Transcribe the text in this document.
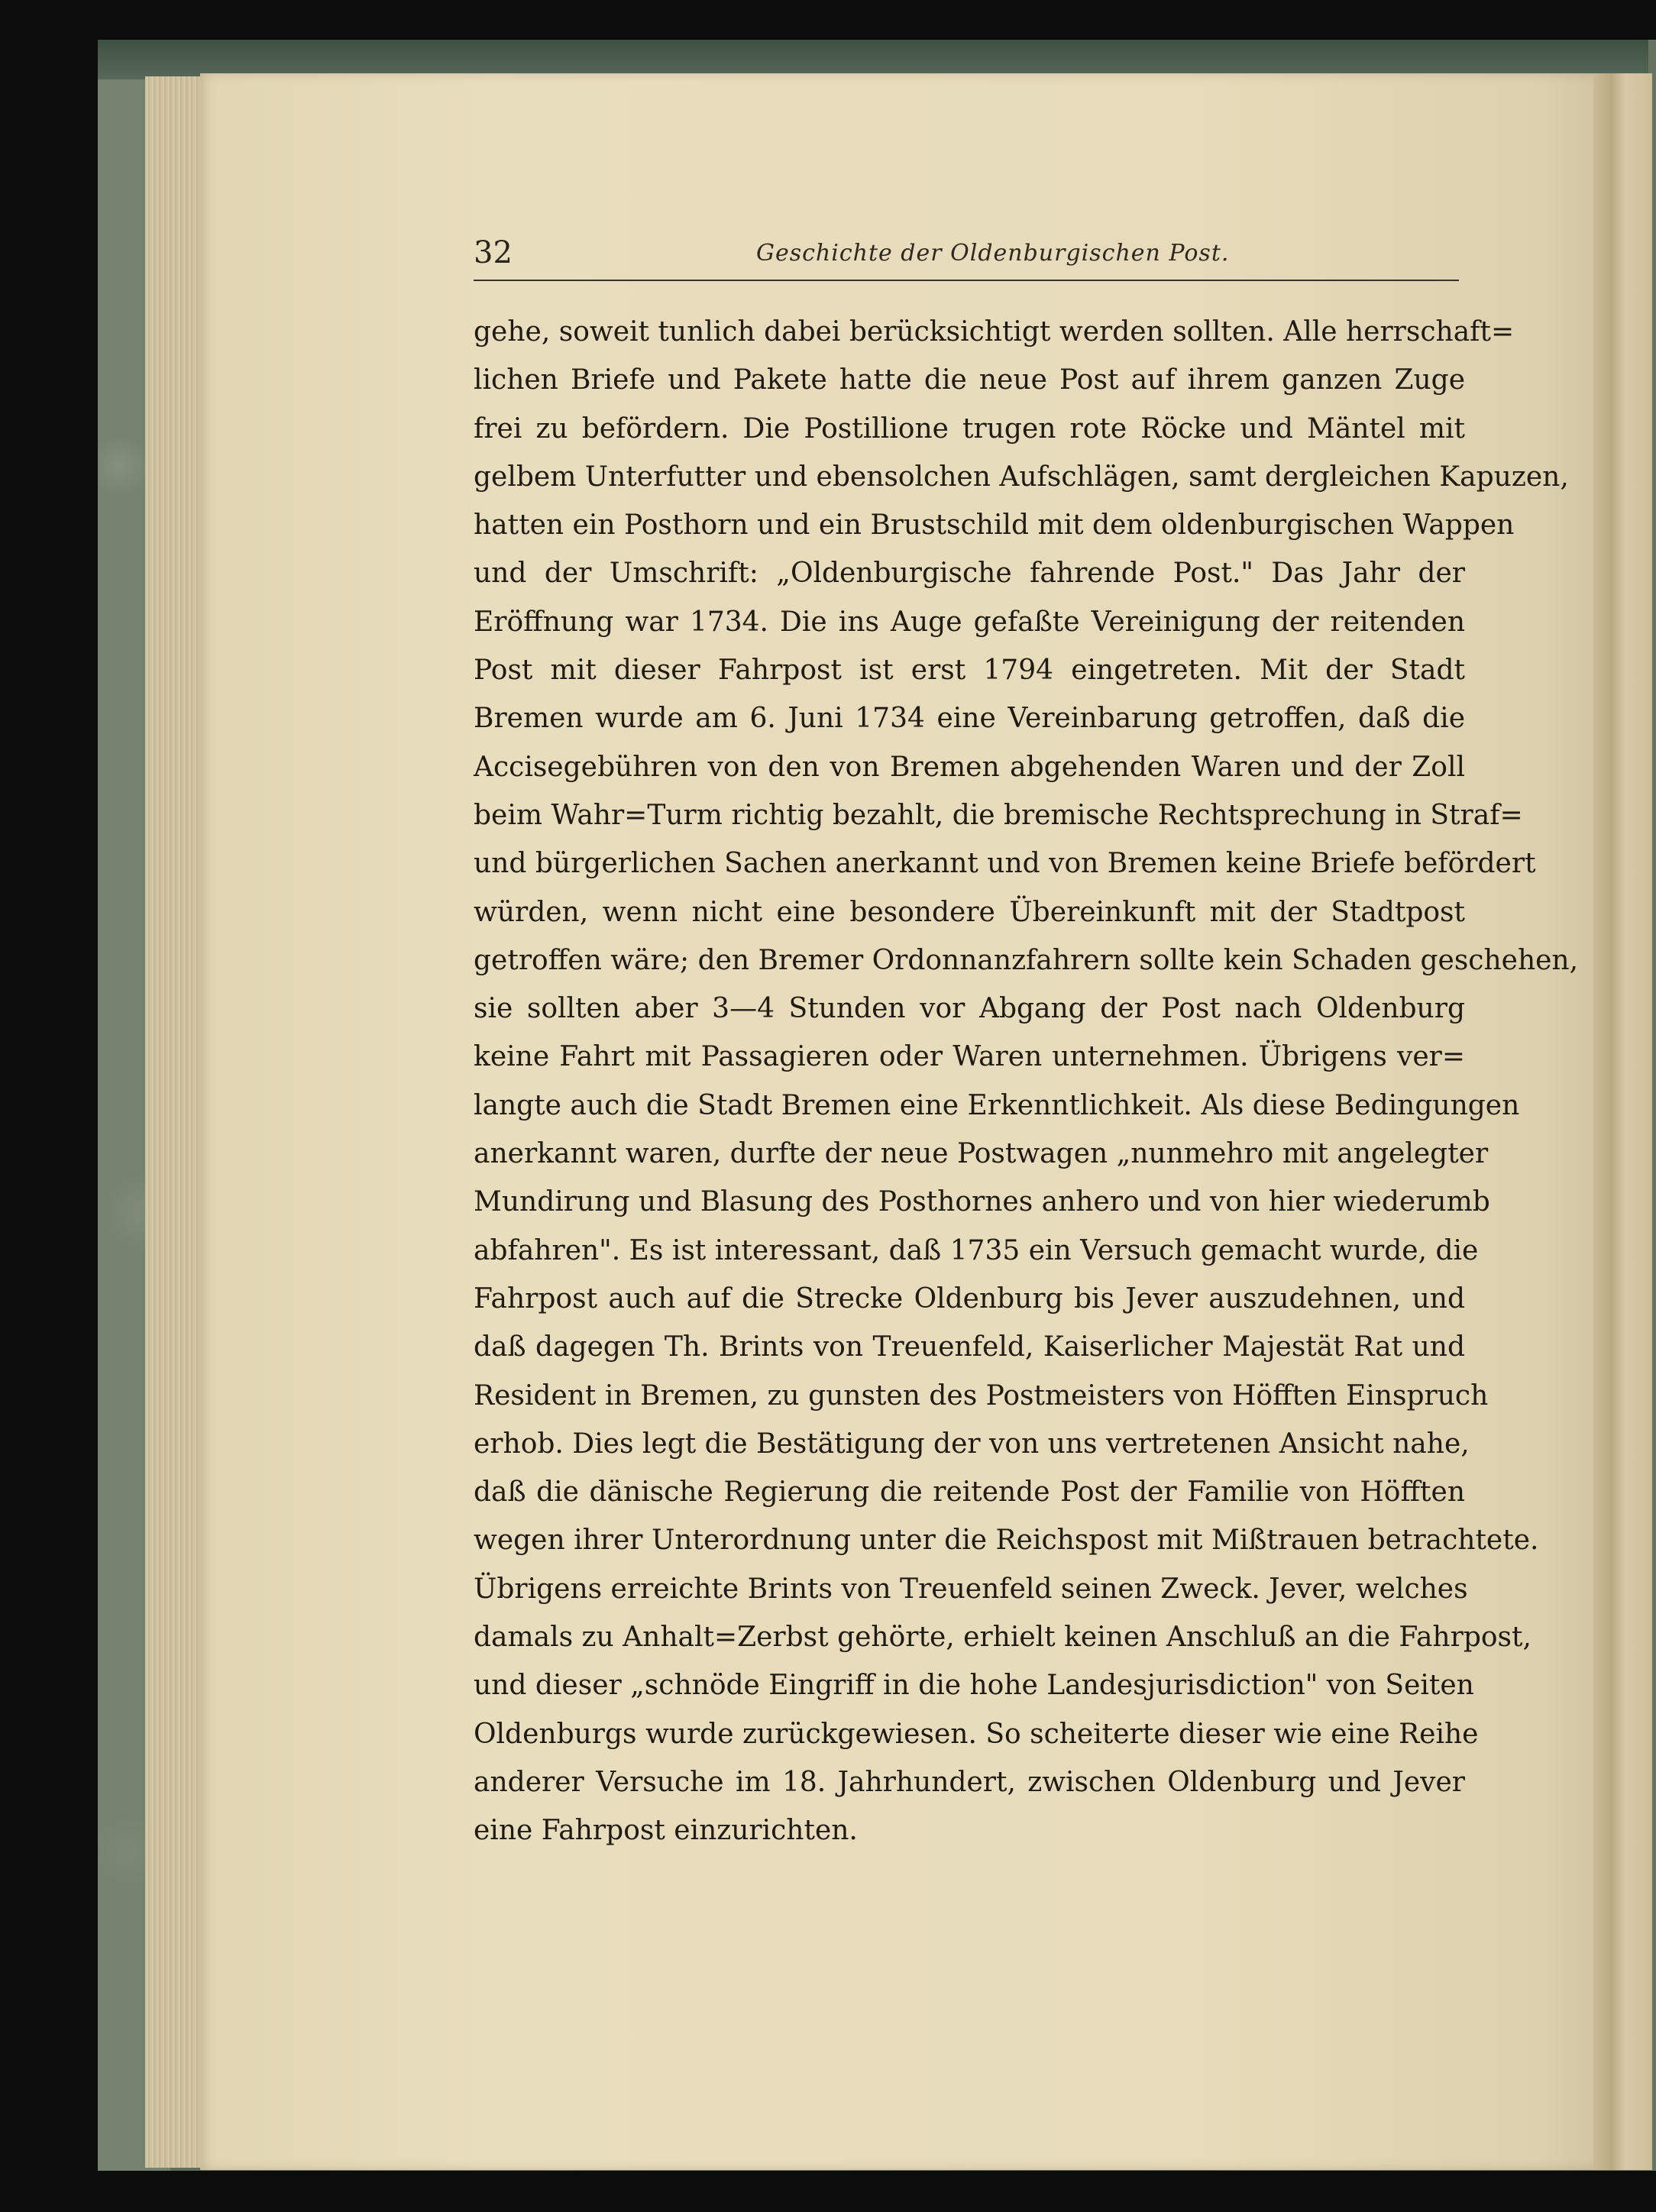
32	Geschichte der Oldenburgischen Post.
gehe, soweit tunlich dabei berücksichtigt werden sollten. Alle herrschaft=
lichen Briefe und Pakete hatte die neue Post auf ihrem ganzen Zuge
frei zu befördern. Die Postillione trugen rote Röcke und Mäntel mit
gelbem Unterfutter und ebensolchen Aufschlägen, samt dergleichen Kapuzen,
hatten ein Posthorn und ein Brustschild mit dem oldenburgischen Wappen
und der Umschrift: „Oldenburgische fahrende Post." Das Jahr der
Eröffnung war 1734. Die ins Auge gefaßte Vereinigung der reitenden
Post mit dieser Fahrpost ist erst 1794 eingetreten. Mit der Stadt
Bremen wurde am 6. Juni 1734 eine Vereinbarung getroffen, daß die
Accisegebühren von den von Bremen abgehenden Waren und der Zoll
beim Wahr=Turm richtig bezahlt, die bremische Rechtsprechung in Straf=
und bürgerlichen Sachen anerkannt und von Bremen keine Briefe befördert
würden, wenn nicht eine besondere Übereinkunft mit der Stadtpost
getroffen wäre; den Bremer Ordonnanzfahrern sollte kein Schaden geschehen,
sie sollten aber 3—4 Stunden vor Abgang der Post nach Oldenburg
keine Fahrt mit Passagieren oder Waren unternehmen. Übrigens ver=
langte auch die Stadt Bremen eine Erkenntlichkeit. Als diese Bedingungen
anerkannt waren, durfte der neue Postwagen „nunmehro mit angelegter
Mundirung und Blasung des Posthornes anhero und von hier wiederumb
abfahren". Es ist interessant, daß 1735 ein Versuch gemacht wurde, die
Fahrpost auch auf die Strecke Oldenburg bis Jever auszudehnen, und
daß dagegen Th. Brints von Treuenfeld, Kaiserlicher Majestät Rat und
Resident in Bremen, zu gunsten des Postmeisters von Höfften Einspruch
erhob. Dies legt die Bestätigung der von uns vertretenen Ansicht nahe,
daß die dänische Regierung die reitende Post der Familie von Höfften
wegen ihrer Unterordnung unter die Reichspost mit Mißtrauen betrachtete.
Übrigens erreichte Brints von Treuenfeld seinen Zweck. Jever, welches
damals zu Anhalt=Zerbst gehörte, erhielt keinen Anschluß an die Fahrpost,
und dieser „schnöde Eingriff in die hohe Landesjurisdiction" von Seiten
Oldenburgs wurde zurückgewiesen. So scheiterte dieser wie eine Reihe
anderer Versuche im 18. Jahrhundert, zwischen Oldenburg und Jever
eine Fahrpost einzurichten.
